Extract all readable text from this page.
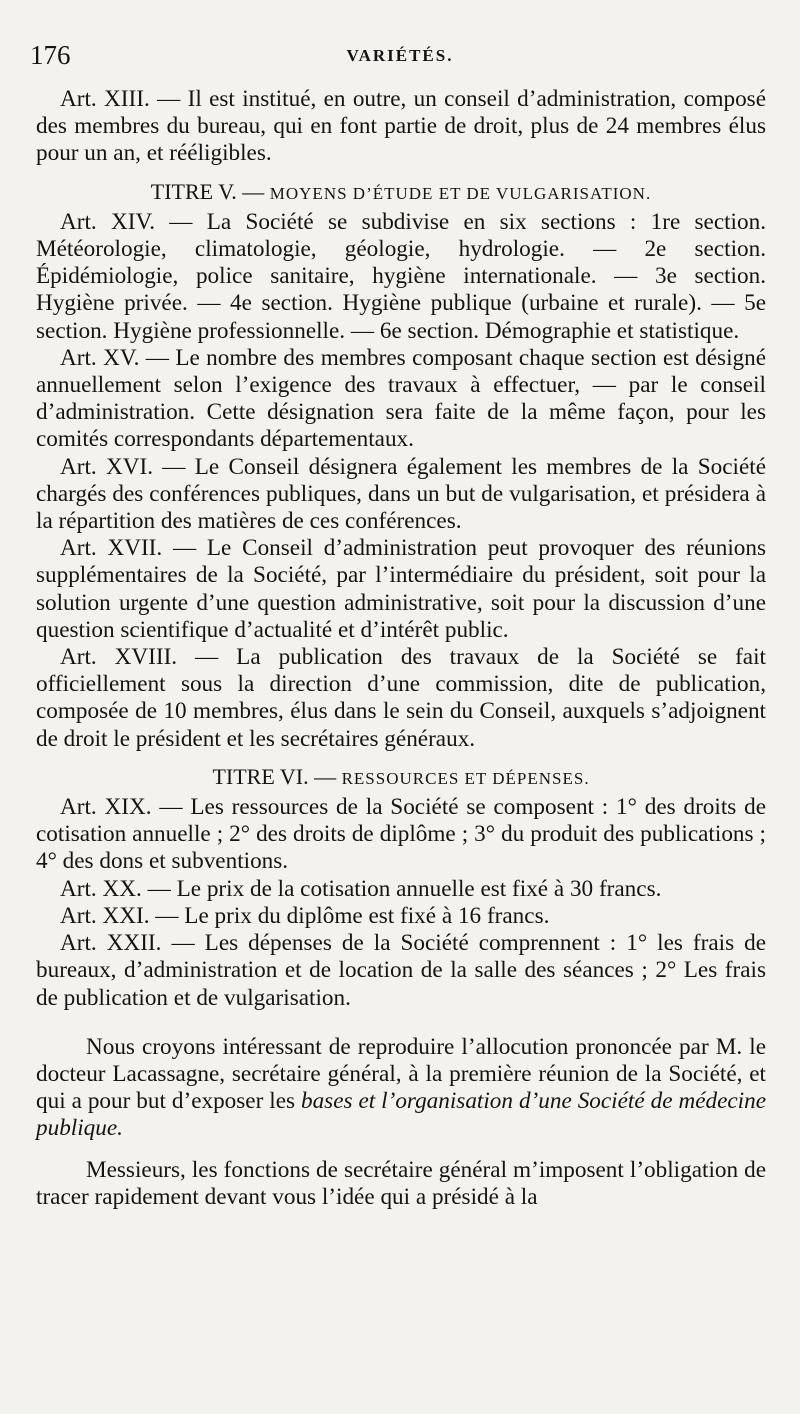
176	VARIÉTÉS.

Art. XIII. — Il est institué, en outre, un conseil d’administration, composé des membres du bureau, qui en font partie de droit, plus de 24 membres élus pour un an, et rééligibles.

TITRE V. — MOYENS D’ÉTUDE ET DE VULGARISATION.

Art. XIV. — La Société se subdivise en six sections : 1re section. Météorologie, climatologie, géologie, hydrologie. — 2e section. Épidémiologie, police sanitaire, hygiène internationale. — 3e section. Hygiène privée. — 4e section. Hygiène publique (urbaine et rurale). — 5e section. Hygiène professionnelle. — 6e section. Démographie et statistique.

Art. XV. — Le nombre des membres composant chaque section est désigné annuellement selon l’exigence des travaux à effectuer, — par le conseil d’administration. Cette désignation sera faite de la même façon, pour les comités correspondants départementaux.

Art. XVI. — Le Conseil désignera également les membres de la Société chargés des conférences publiques, dans un but de vulgarisation, et présidera à la répartition des matières de ces conférences.

Art. XVII. — Le Conseil d’administration peut provoquer des réunions supplémentaires de la Société, par l’intermédiaire du président, soit pour la solution urgente d’une question administrative, soit pour la discussion d’une question scientifique d’actualité et d’intérêt public.

Art. XVIII. — La publication des travaux de la Société se fait officiellement sous la direction d’une commission, dite de publication, composée de 10 membres, élus dans le sein du Conseil, auxquels s’adjoignent de droit le président et les secrétaires généraux.

TITRE VI. — RESSOURCES ET DÉPENSES.

Art. XIX. — Les ressources de la Société se composent : 1° des droits de cotisation annuelle ; 2° des droits de diplôme ; 3° du produit des publications ; 4° des dons et subventions.

Art. XX. — Le prix de la cotisation annuelle est fixé à 30 francs.

Art. XXI. — Le prix du diplôme est fixé à 16 francs.

Art. XXII. — Les dépenses de la Société comprennent : 1° les frais de bureaux, d’administration et de location de la salle des séances ; 2° Les frais de publication et de vulgarisation.

Nous croyons intéressant de reproduire l’allocution prononcée par M. le docteur Lacassagne, secrétaire général, à la première réunion de la Société, et qui a pour but d’exposer les bases et l’organisation d’une Société de médecine publique.

Messieurs, les fonctions de secrétaire général m’imposent l’obligation de tracer rapidement devant vous l’idée qui a présidé à la
